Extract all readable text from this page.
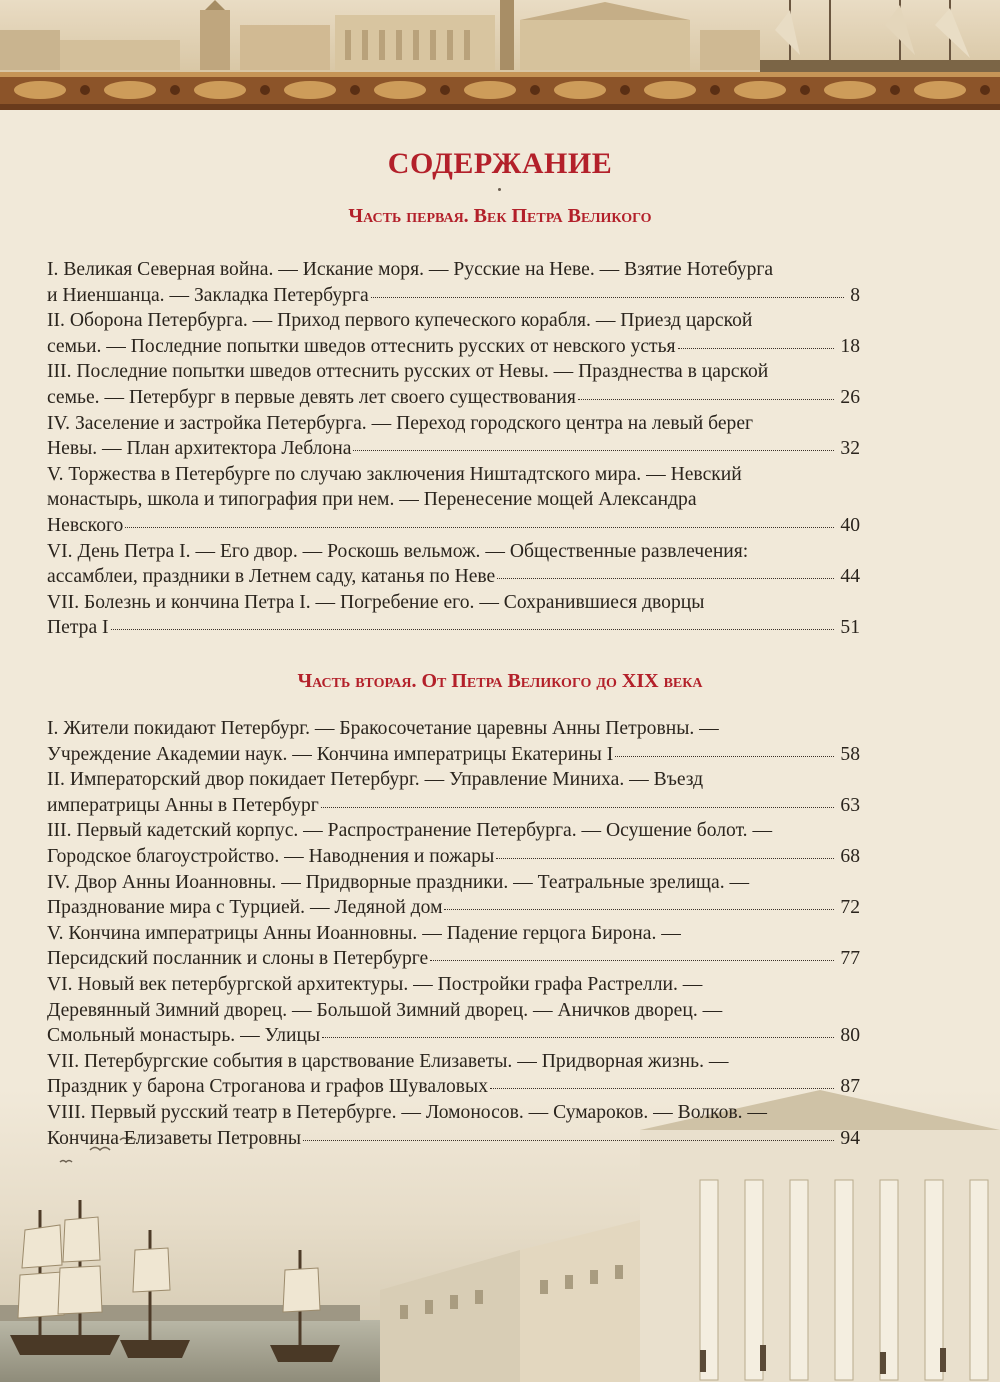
СОДЕРЖАНИЕ
Часть первая. Век Петра Великого
I. Великая Северная война. — Искание моря. — Русские на Неве. — Взятие Нотебурга
и Ниеншанца. — Закладка Петербурга	8
II. Оборона Петербурга. — Приход первого купеческого корабля. — Приезд царской
семьи. — Последние попытки шведов оттеснить русских от невского устья	18
III. Последние попытки шведов оттеснить русских от Невы. — Празднества в царской
семье. — Петербург в первые девять лет своего существования	26
IV. Заселение и застройка Петербурга. — Переход городского центра на левый берег
Невы. — План архитектора Леблона	32
V. Торжества в Петербурге по случаю заключения Ништадтского мира. — Невский
монастырь, школа и типография при нем. — Перенесение мощей Александра
Невского	40
VI. День Петра I. — Его двор. — Роскошь вельмож. — Общественные развлечения:
ассамблеи, праздники в Летнем саду, катанья по Неве	44
VII. Болезнь и кончина Петра I. — Погребение его. — Сохранившиеся дворцы
Петра I	51
Часть вторая. От Петра Великого до XIX века
I. Жители покидают Петербург. — Бракосочетание царевны Анны Петровны. —
Учреждение Академии наук. — Кончина императрицы Екатерины I	58
II. Императорский двор покидает Петербург. — Управление Миниха. — Въезд
императрицы Анны в Петербург	63
III. Первый кадетский корпус. — Распространение Петербурга. — Осушение болот. —
Городское благоустройство. — Наводнения и пожары	68
IV. Двор Анны Иоанновны. — Придворные праздники. — Театральные зрелища. —
Празднование мира с Турцией. — Ледяной дом	72
V. Кончина императрицы Анны Иоанновны. — Падение герцога Бирона. —
Персидский посланник и слоны в Петербурге	77
VI. Новый век петербургской архитектуры. — Постройки графа Растрелли. —
Деревянный Зимний дворец. — Большой Зимний дворец. — Аничков дворец. —
Смольный монастырь. — Улицы	80
VII. Петербургские события в царствование Елизаветы. — Придворная жизнь. —
Праздник у барона Строганова и графов Шуваловых	87
VIII. Первый русский театр в Петербурге. — Ломоносов. — Сумароков. — Волков. —
Кончина Елизаветы Петровны	94
